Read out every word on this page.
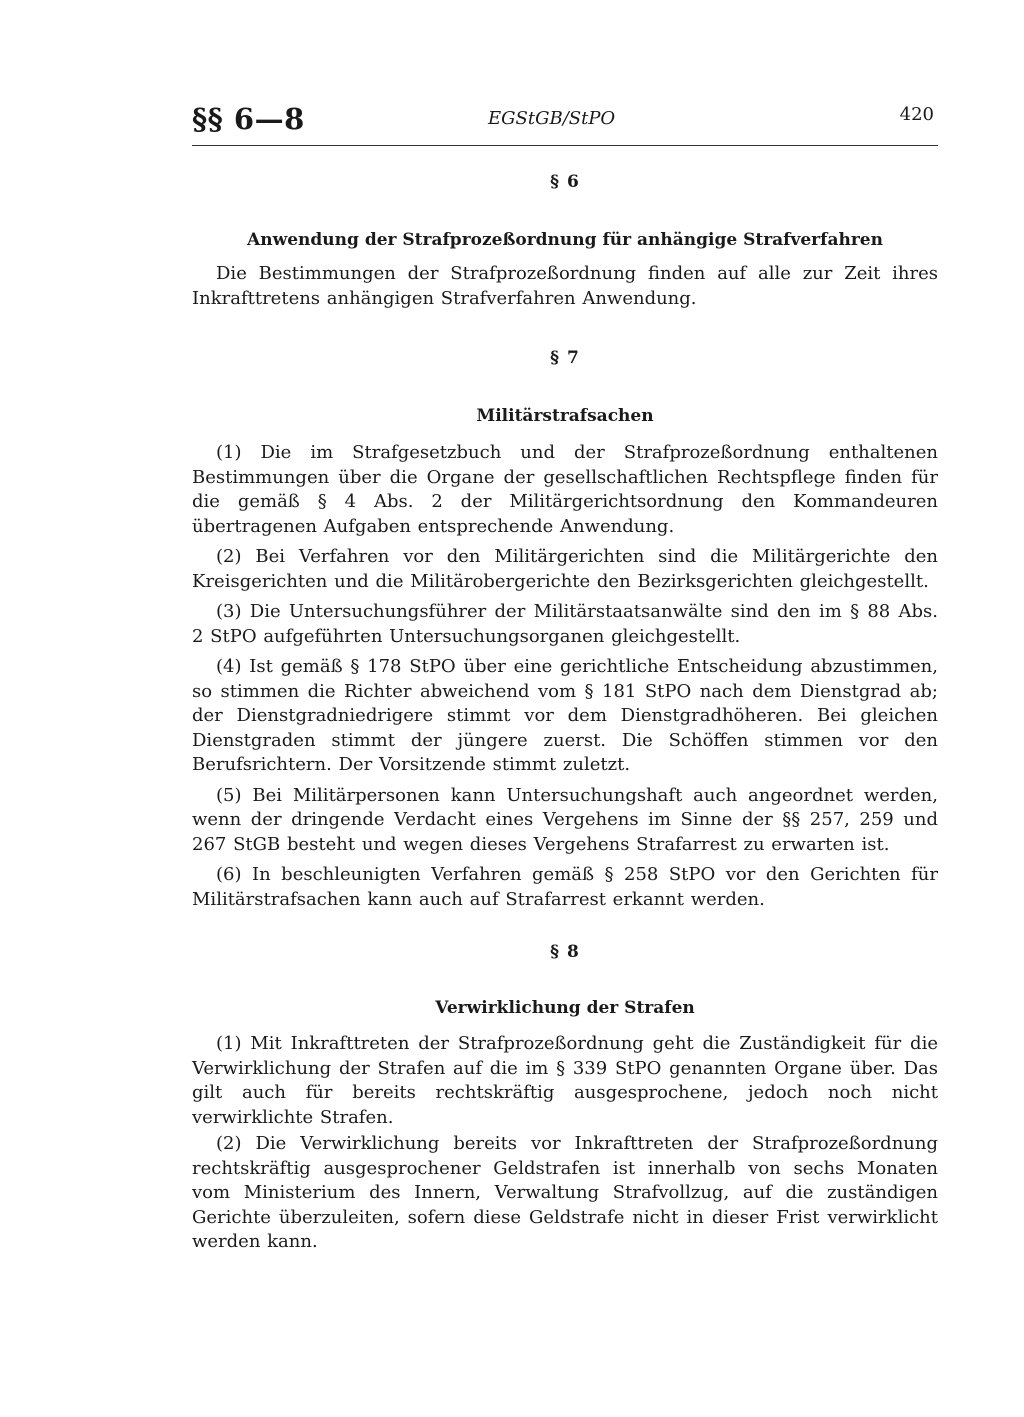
§§ 6—8	EGStGB/StPO	420

§ 6

Anwendung der Strafprozeßordnung für anhängige Strafverfahren

Die Bestimmungen der Strafprozeßordnung finden auf alle zur Zeit ihres Inkrafttretens anhängigen Strafverfahren Anwendung.

§ 7

Militärstrafsachen

(1) Die im Strafgesetzbuch und der Strafprozeßordnung enthaltenen Bestimmungen über die Organe der gesellschaftlichen Rechtspflege finden für die gemäß § 4 Abs. 2 der Militärgerichtsordnung den Kommandeuren übertragenen Aufgaben entsprechende Anwendung.

(2) Bei Verfahren vor den Militärgerichten sind die Militärgerichte den Kreisgerichten und die Militärobergerichte den Bezirksgerichten gleichgestellt.

(3) Die Untersuchungsführer der Militärstaatsanwälte sind den im § 88 Abs. 2 StPO aufgeführten Untersuchungsorganen gleichgestellt.

(4) Ist gemäß § 178 StPO über eine gerichtliche Entscheidung abzustimmen, so stimmen die Richter abweichend vom § 181 StPO nach dem Dienstgrad ab; der Dienstgradniedrigere stimmt vor dem Dienstgradhöheren. Bei gleichen Dienstgraden stimmt der jüngere zuerst. Die Schöffen stimmen vor den Berufsrichtern. Der Vorsitzende stimmt zuletzt.

(5) Bei Militärpersonen kann Untersuchungshaft auch angeordnet werden, wenn der dringende Verdacht eines Vergehens im Sinne der §§ 257, 259 und 267 StGB besteht und wegen dieses Vergehens Strafarrest zu erwarten ist.

(6) In beschleunigten Verfahren gemäß § 258 StPO vor den Gerichten für Militärstrafsachen kann auch auf Strafarrest erkannt werden.

§ 8

Verwirklichung der Strafen

(1) Mit Inkrafttreten der Strafprozeßordnung geht die Zuständigkeit für die Verwirklichung der Strafen auf die im § 339 StPO genannten Organe über. Das gilt auch für bereits rechtskräftig ausgesprochene, jedoch noch nicht verwirklichte Strafen.

(2) Die Verwirklichung bereits vor Inkrafttreten der Strafprozeßordnung rechtskräftig ausgesprochener Geldstrafen ist innerhalb von sechs Monaten vom Ministerium des Innern, Verwaltung Strafvollzug, auf die zuständigen Gerichte überzuleiten, sofern diese Geldstrafe nicht in dieser Frist verwirklicht werden kann.
